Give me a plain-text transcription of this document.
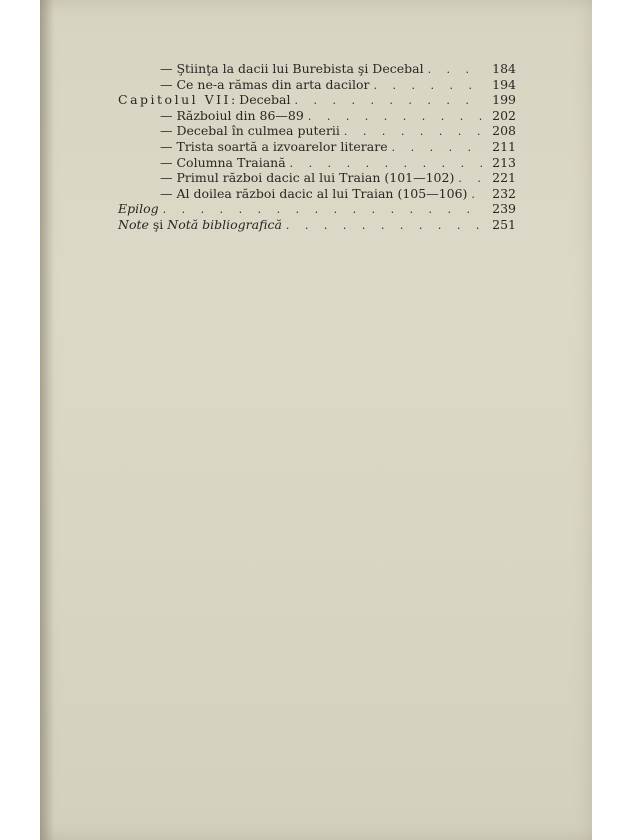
— Ştiinţa la dacii lui Burebista şi Decebal . . .	184
— Ce ne-a rămas din arta dacilor . . .	194
Capitolul VII: Decebal . . .	199
— Războiul din 86—89 . . .	202
— Decebal în culmea puterii . . .	208
— Trista soartă a izvoarelor literare . . .	211
— Columna Traiană . . .	213
— Primul război dacic al lui Traian (101—102) . . .	221
— Al doilea război dacic al lui Traian (105—106) . . .	232
Epilog . . .	239
Note şi Notă bibliografică . . .	251
